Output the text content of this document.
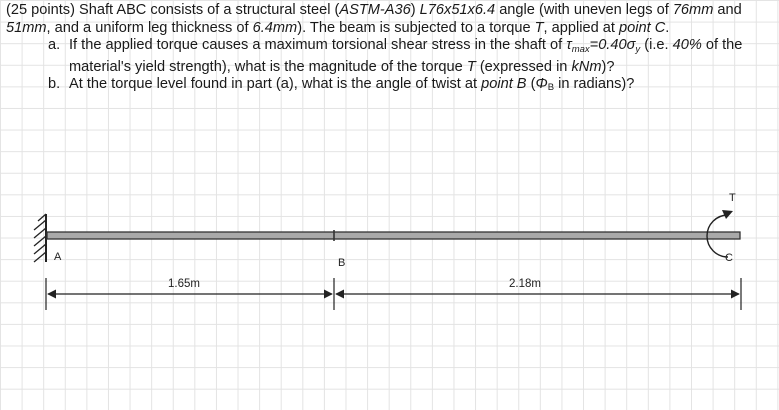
(25 points) Shaft ABC consists of a structural steel (ASTM-A36) L76x51x6.4 angle (with uneven legs of 76mm and 51mm, and a uniform leg thickness of 6.4mm). The beam is subjected to a torque T, applied at point C.

a. If the applied torque causes a maximum torsional shear stress in the shaft of $\tau_{max}=0.40\sigma_y$ (i.e. 40% of the material's yield strength), what is the magnitude of the torque T (expressed in kNm)?
b. At the torque level found in part (a), what is the angle of twist at point B (ΦB in radians)?
A	B	C
T
1.65m	2.18m
